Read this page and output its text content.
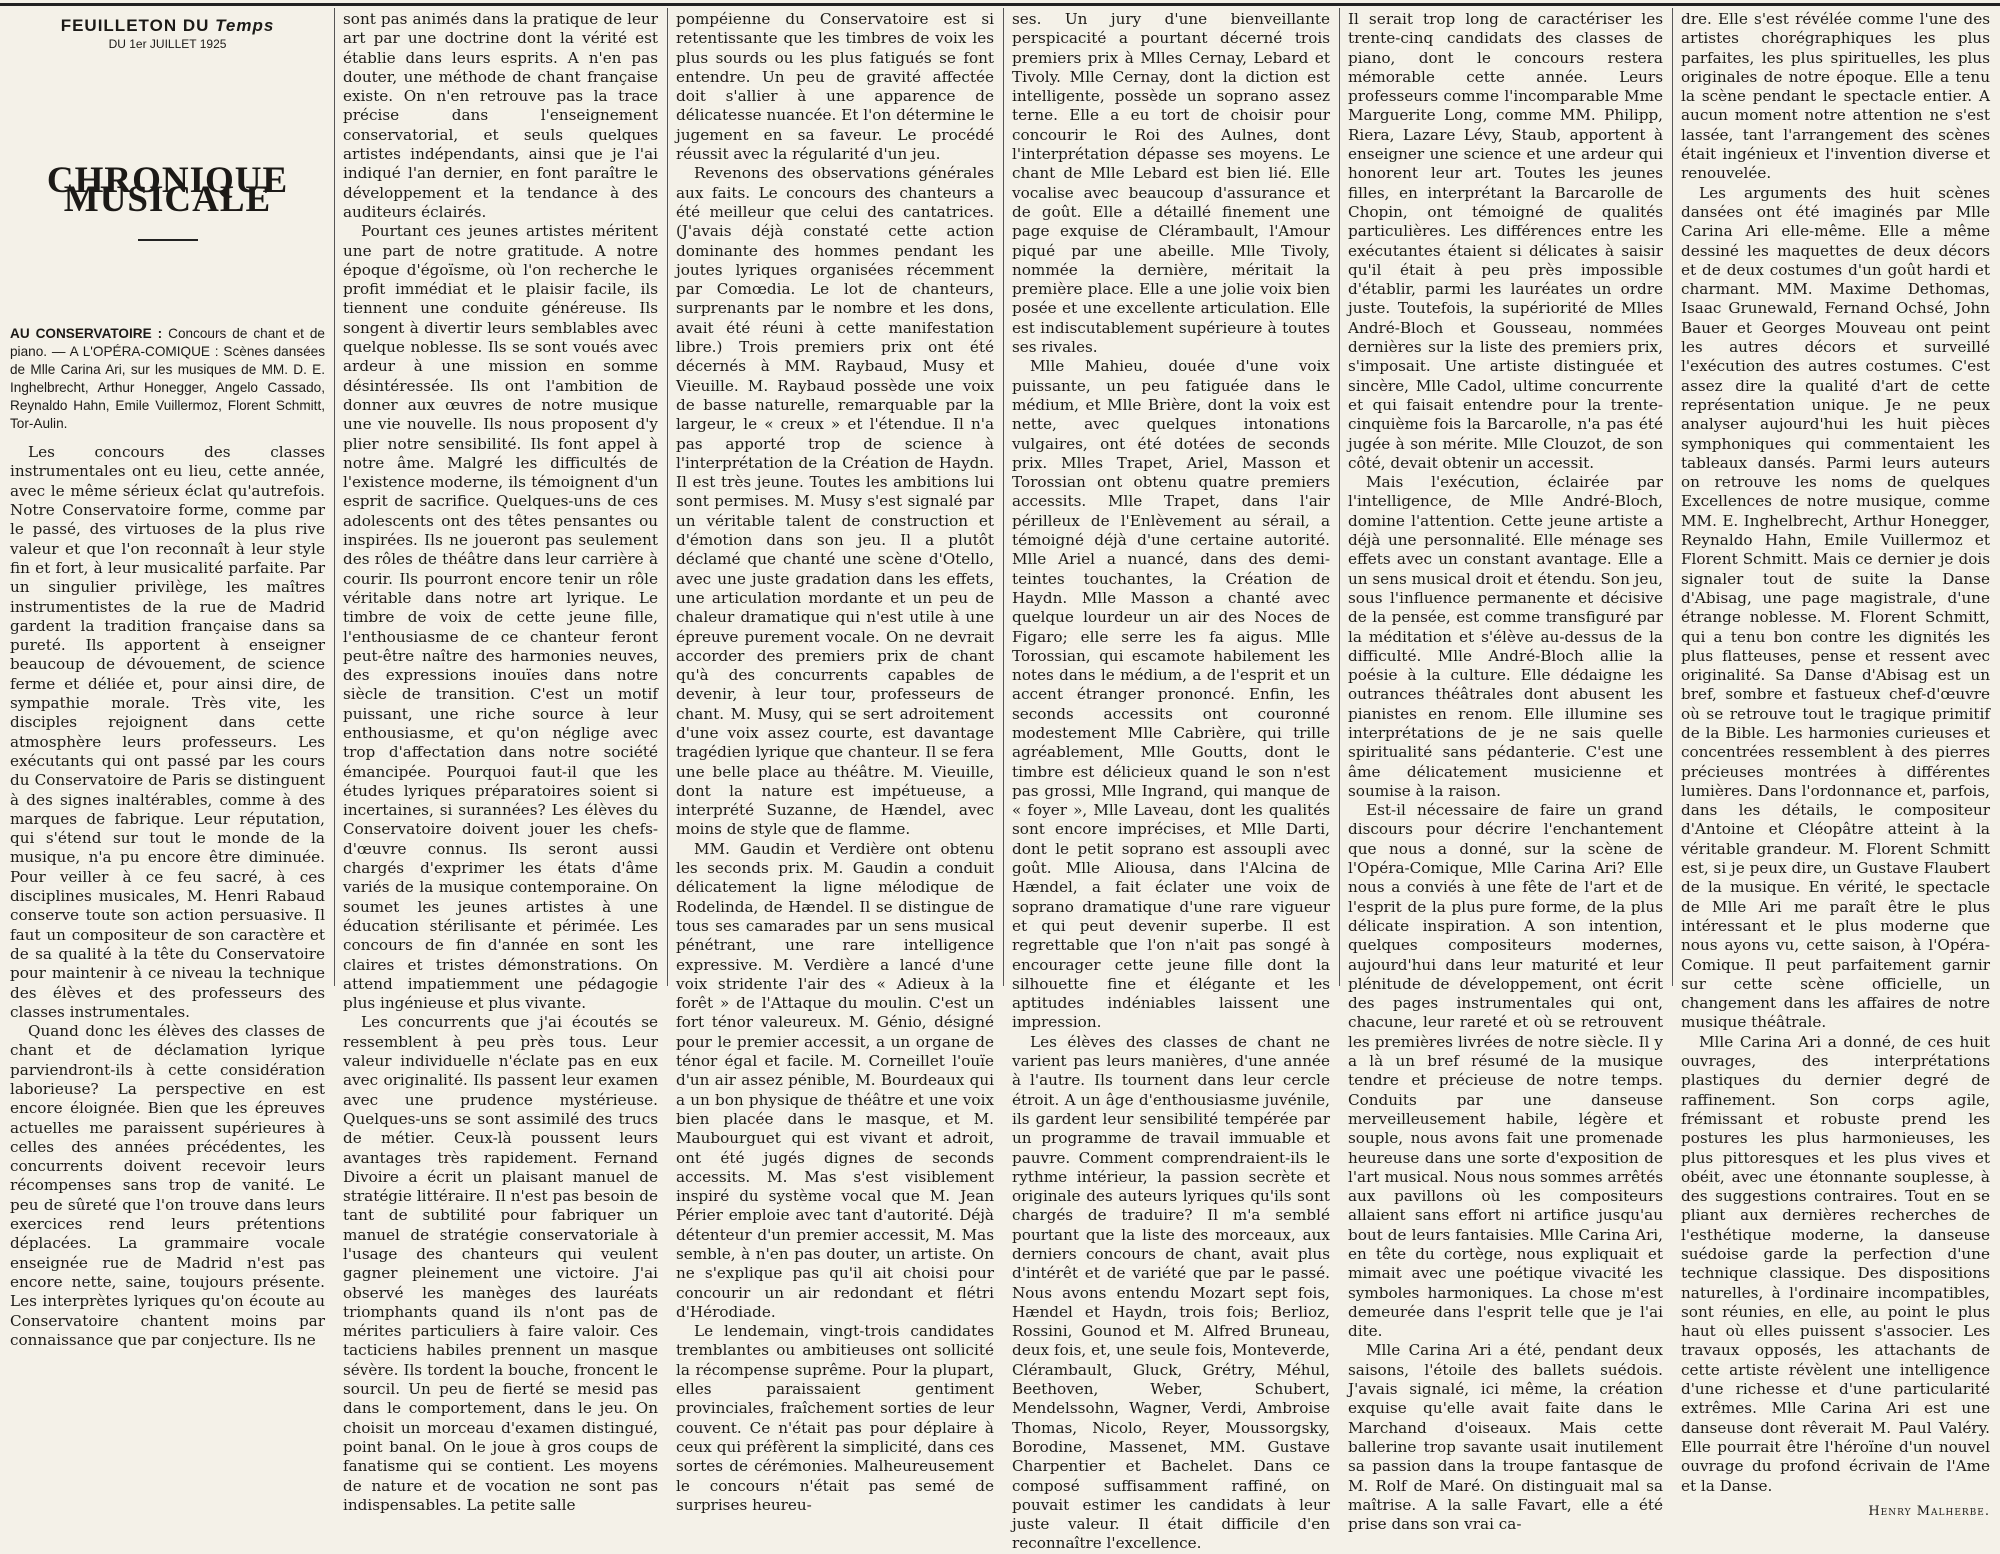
FEUILLETON DU Temps
DU 1er JUILLET 1925
CHRONIQUE MUSICALE
AU CONSERVATOIRE : Concours de chant et de piano. — A L'OPÉRA-COMIQUE : Scènes dansées de Mlle Carina Ari, sur les musiques de MM. D. E. Inghelbrecht, Arthur Honegger, Angelo Cassado, Reynaldo Hahn, Emile Vuillermoz, Florent Schmitt, Tor-Aulin.

Les concours des classes instrumentales ont eu lieu, cette année, avec le même sérieux éclat qu'autrefois. Notre Conservatoire forme, comme par le passé, des virtuoses de la plus rive valeur et que l'on reconnaît à leur style fin et fort, à leur musicalité parfaite. Par un singulier privilège, les maîtres instrumentistes de la rue de Madrid gardent la tradition française dans sa pureté. Ils apportent à enseigner beaucoup de dévouement, de science ferme et déliée et, pour ainsi dire, de sympathie morale. Très vite, les disciples rejoignent dans cette atmosphère leurs professeurs. Les exécutants qui ont passé par les cours du Conservatoire de Paris se distinguent à des signes inaltérables, comme à des marques de fabrique. Leur réputation, qui s'étend sur tout le monde de la musique, n'a pu encore être diminuée. Pour veiller à ce feu sacré, à ces disciplines musicales, M. Henri Rabaud conserve toute son action persuasive. Il faut un compositeur de son caractère et de sa qualité à la tête du Conservatoire pour maintenir à ce niveau la technique des élèves et des professeurs des classes instrumentales.

Quand donc les élèves des classes de chant et de déclamation lyrique parviendront-ils à cette considération laborieuse? La perspective en est encore éloignée. Bien que les épreuves actuelles me paraissent supérieures à celles des années précédentes, les concurrents doivent recevoir leurs récompenses sans trop de vanité. Le peu de sûreté que l'on trouve dans leurs exercices rend leurs prétentions déplacées. La grammaire vocale enseignée rue de Madrid n'est pas encore nette, saine, toujours présente. Les interprètes lyriques qu'on écoute au Conservatoire chantent moins par connaissance que par conjecture. Ils ne

sont pas animés dans la pratique de leur art par une doctrine dont la vérité est établie dans leurs esprits. A n'en pas douter, une méthode de chant française existe. On n'en retrouve pas la trace précise dans l'enseignement conservatorial, et seuls quelques artistes indépendants, ainsi que je l'ai indiqué l'an dernier, en font paraître le développement et la tendance à des auditeurs éclairés.

Pourtant ces jeunes artistes méritent une part de notre gratitude. A notre époque d'égoïsme, où l'on recherche le profit immédiat et le plaisir facile, ils tiennent une conduite généreuse. Ils songent à divertir leurs semblables avec quelque noblesse. Ils se sont voués avec ardeur à une mission en somme désintéressée. Ils ont l'ambition de donner aux œuvres de notre musique une vie nouvelle. Ils nous proposent d'y plier notre sensibilité. Ils font appel à notre âme. Malgré les difficultés de l'existence moderne, ils témoignent d'un esprit de sacrifice. Quelques-uns de ces adolescents ont des têtes pensantes ou inspirées. Ils ne joueront pas seulement des rôles de théâtre dans leur carrière à courir. Ils pourront encore tenir un rôle véritable dans notre art lyrique. Le timbre de voix de cette jeune fille, l'enthousiasme de ce chanteur feront peut-être naître des harmonies neuves, des expressions inouïes dans notre siècle de transition. C'est un motif puissant, une riche source à leur enthousiasme, et qu'on néglige avec trop d'affectation dans notre société émancipée. Pourquoi faut-il que les études lyriques préparatoires soient si incertaines, si surannées? Les élèves du Conservatoire doivent jouer les chefs-d'œuvre connus. Ils seront aussi chargés d'exprimer les états d'âme variés de la musique contemporaine. On soumet les jeunes artistes à une éducation stérilisante et périmée. Les concours de fin d'année en sont les claires et tristes démonstrations. On attend impatiemment une pédagogie plus ingénieuse et plus vivante.

Les concurrents que j'ai écoutés se ressemblent à peu près tous. Leur valeur individuelle n'éclate pas en eux avec originalité. Ils passent leur examen avec une prudence mystérieuse. Quelques-uns se sont assimilé des trucs de métier. Ceux-là poussent leurs avantages très rapidement. Fernand Divoire a écrit un plaisant manuel de stratégie littéraire. Il n'est pas besoin de tant de subtilité pour fabriquer un manuel de stratégie conservatoriale à l'usage des chanteurs qui veulent gagner pleinement une victoire. J'ai observé les manèges des lauréats triomphants quand ils n'ont pas de mérites particuliers à faire valoir. Ces tacticiens habiles prennent un masque sévère. Ils tordent la bouche, froncent le sourcil. Un peu de fierté se mesid pas dans le comportement, dans le jeu. On choisit un morceau d'examen distingué, point banal. On le joue à gros coups de fanatisme qui se contient. Les moyens de nature et de vocation ne sont pas indispensables. La petite salle

pompéienne du Conservatoire est si retentissante que les timbres de voix les plus sourds ou les plus fatigués se font entendre. Un peu de gravité affectée doit s'allier à une apparence de délicatesse nuancée. Et l'on détermine le jugement en sa faveur. Le procédé réussit avec la régularité d'un jeu.

Revenons des observations générales aux faits. Le concours des chanteurs a été meilleur que celui des cantatrices. (J'avais déjà constaté cette action dominante des hommes pendant les joutes lyriques organisées récemment par Comœdia. Le lot de chanteurs, surprenants par le nombre et les dons, avait été réuni à cette manifestation libre.) Trois premiers prix ont été décernés à MM. Raybaud, Musy et Vieuille. M. Raybaud possède une voix de basse naturelle, remarquable par la largeur, le « creux » et l'étendue. Il n'a pas apporté trop de science à l'interprétation de la Création de Haydn. Il est très jeune. Toutes les ambitions lui sont permises. M. Musy s'est signalé par un véritable talent de construction et d'émotion dans son jeu. Il a plutôt déclamé que chanté une scène d'Otello, avec une juste gradation dans les effets, une articulation mordante et un peu de chaleur dramatique qui n'est utile à une épreuve purement vocale. On ne devrait accorder des premiers prix de chant qu'à des concurrents capables de devenir, à leur tour, professeurs de chant. M. Musy, qui se sert adroitement d'une voix assez courte, est davantage tragédien lyrique que chanteur. Il se fera une belle place au théâtre. M. Vieuille, dont la nature est impétueuse, a interprété Suzanne, de Hændel, avec moins de style que de flamme.

MM. Gaudin et Verdière ont obtenu les seconds prix. M. Gaudin a conduit délicatement la ligne mélodique de Rodelinda, de Hændel. Il se distingue de tous ses camarades par un sens musical pénétrant, une rare intelligence expressive. M. Verdière a lancé d'une voix stridente l'air des « Adieux à la forêt » de l'Attaque du moulin. C'est un fort ténor valeureux. M. Génio, désigné pour le premier accessit, a un organe de ténor égal et facile. M. Corneillet l'ouïe d'un air assez pénible, M. Bourdeaux qui a un bon physique de théâtre et une voix bien placée dans le masque, et M. Maubourguet qui est vivant et adroit, ont été jugés dignes de seconds accessits. M. Mas s'est visiblement inspiré du système vocal que M. Jean Périer emploie avec tant d'autorité. Déjà détenteur d'un premier accessit, M. Mas semble, à n'en pas douter, un artiste. On ne s'explique pas qu'il ait choisi pour concourir un air redondant et flétri d'Hérodiade.

Le lendemain, vingt-trois candidates tremblantes ou ambitieuses ont sollicité la récompense suprême. Pour la plupart, elles paraissaient gentiment provinciales, fraîchement sorties de leur couvent. Ce n'était pas pour déplaire à ceux qui préfèrent la simplicité, dans ces sortes de cérémonies. Malheureusement le concours n'était pas semé de surprises heureu-

ses. Un jury d'une bienveillante perspicacité a pourtant décerné trois premiers prix à Mlles Cernay, Lebard et Tivoly. Mlle Cernay, dont la diction est intelligente, possède un soprano assez terne. Elle a eu tort de choisir pour concourir le Roi des Aulnes, dont l'interprétation dépasse ses moyens. Le chant de Mlle Lebard est bien lié. Elle vocalise avec beaucoup d'assurance et de goût. Elle a détaillé finement une page exquise de Clérambault, l'Amour piqué par une abeille. Mlle Tivoly, nommée la dernière, méritait la première place. Elle a une jolie voix bien posée et une excellente articulation. Elle est indiscutablement supérieure à toutes ses rivales.

Mlle Mahieu, douée d'une voix puissante, un peu fatiguée dans le médium, et Mlle Brière, dont la voix est nette, avec quelques intonations vulgaires, ont été dotées de seconds prix. Mlles Trapet, Ariel, Masson et Torossian ont obtenu quatre premiers accessits. Mlle Trapet, dans l'air périlleux de l'Enlèvement au sérail, a témoigné déjà d'une certaine autorité. Mlle Ariel a nuancé, dans des demi-teintes touchantes, la Création de Haydn. Mlle Masson a chanté avec quelque lourdeur un air des Noces de Figaro; elle serre les fa aigus. Mlle Torossian, qui escamote habilement les notes dans le médium, a de l'esprit et un accent étranger prononcé. Enfin, les seconds accessits ont couronné modestement Mlle Cabrière, qui trille agréablement, Mlle Goutts, dont le timbre est délicieux quand le son n'est pas grossi, Mlle Ingrand, qui manque de « foyer », Mlle Laveau, dont les qualités sont encore imprécises, et Mlle Darti, dont le petit soprano est assoupli avec goût. Mlle Aliousa, dans l'Alcina de Hændel, a fait éclater une voix de soprano dramatique d'une rare vigueur et qui peut devenir superbe. Il est regrettable que l'on n'ait pas songé à encourager cette jeune fille dont la silhouette fine et élégante et les aptitudes indéniables laissent une impression.

Les élèves des classes de chant ne varient pas leurs manières, d'une année à l'autre. Ils tournent dans leur cercle étroit. A un âge d'enthousiasme juvénile, ils gardent leur sensibilité tempérée par un programme de travail immuable et pauvre. Comment comprendraient-ils le rythme intérieur, la passion secrète et originale des auteurs lyriques qu'ils sont chargés de traduire? Il m'a semblé pourtant que la liste des morceaux, aux derniers concours de chant, avait plus d'intérêt et de variété que par le passé. Nous avons entendu Mozart sept fois, Hændel et Haydn, trois fois; Berlioz, Rossini, Gounod et M. Alfred Bruneau, deux fois, et, une seule fois, Monteverde, Clérambault, Gluck, Grétry, Méhul, Beethoven, Weber, Schubert, Mendelssohn, Wagner, Verdi, Ambroise Thomas, Nicolo, Reyer, Moussorgsky, Borodine, Massenet, MM. Gustave Charpentier et Bachelet. Dans ce composé suffisamment raffiné, on pouvait estimer les candidats à leur juste valeur. Il était difficile d'en reconnaître l'excellence.

Il serait trop long de caractériser les trente-cinq candidats des classes de piano, dont le concours restera mémorable cette année. Leurs professeurs comme l'incomparable Mme Marguerite Long, comme MM. Philipp, Riera, Lazare Lévy, Staub, apportent à enseigner une science et une ardeur qui honorent leur art. Toutes les jeunes filles, en interprétant la Barcarolle de Chopin, ont témoigné de qualités particulières. Les différences entre les exécutantes étaient si délicates à saisir qu'il était à peu près impossible d'établir, parmi les lauréates un ordre juste. Toutefois, la supériorité de Mlles André-Bloch et Gousseau, nommées dernières sur la liste des premiers prix, s'imposait. Une artiste distinguée et sincère, Mlle Cadol, ultime concurrente et qui faisait entendre pour la trente-cinquième fois la Barcarolle, n'a pas été jugée à son mérite. Mlle Clouzot, de son côté, devait obtenir un accessit.

Mais l'exécution, éclairée par l'intelligence, de Mlle André-Bloch, domine l'attention. Cette jeune artiste a déjà une personnalité. Elle ménage ses effets avec un constant avantage. Elle a un sens musical droit et étendu. Son jeu, sous l'influence permanente et décisive de la pensée, est comme transfiguré par la méditation et s'élève au-dessus de la difficulté. Mlle André-Bloch allie la poésie à la culture. Elle dédaigne les outrances théâtrales dont abusent les pianistes en renom. Elle illumine ses interprétations de je ne sais quelle spiritualité sans pédanterie. C'est une âme délicatement musicienne et soumise à la raison.

Est-il nécessaire de faire un grand discours pour décrire l'enchantement que nous a donné, sur la scène de l'Opéra-Comique, Mlle Carina Ari? Elle nous a conviés à une fête de l'art et de l'esprit de la plus pure forme, de la plus délicate inspiration. A son intention, quelques compositeurs modernes, aujourd'hui dans leur maturité et leur plénitude de développement, ont écrit des pages instrumentales qui ont, chacune, leur rareté et où se retrouvent les premières livrées de notre siècle. Il y a là un bref résumé de la musique tendre et précieuse de notre temps. Conduits par une danseuse merveilleusement habile, légère et souple, nous avons fait une promenade heureuse dans une sorte d'exposition de l'art musical. Nous nous sommes arrêtés aux pavillons où les compositeurs allaient sans effort ni artifice jusqu'au bout de leurs fantaisies. Mlle Carina Ari, en tête du cortège, nous expliquait et mimait avec une poétique vivacité les symboles harmoniques. La chose m'est demeurée dans l'esprit telle que je l'ai dite.

Mlle Carina Ari a été, pendant deux saisons, l'étoile des ballets suédois. J'avais signalé, ici même, la création exquise qu'elle avait faite dans le Marchand d'oiseaux. Mais cette ballerine trop savante usait inutilement sa passion dans la troupe fantasque de M. Rolf de Maré. On distinguait mal sa maîtrise. A la salle Favart, elle a été prise dans son vrai ca-

dre. Elle s'est révélée comme l'une des artistes chorégraphiques les plus parfaites, les plus spirituelles, les plus originales de notre époque. Elle a tenu la scène pendant le spectacle entier. A aucun moment notre attention ne s'est lassée, tant l'arrangement des scènes était ingénieux et l'invention diverse et renouvelée.

Les arguments des huit scènes dansées ont été imaginés par Mlle Carina Ari elle-même. Elle a même dessiné les maquettes de deux décors et de deux costumes d'un goût hardi et charmant. MM. Maxime Dethomas, Isaac Grunewald, Fernand Ochsé, John Bauer et Georges Mouveau ont peint les autres décors et surveillé l'exécution des autres costumes. C'est assez dire la qualité d'art de cette représentation unique. Je ne peux analyser aujourd'hui les huit pièces symphoniques qui commentaient les tableaux dansés. Parmi leurs auteurs on retrouve les noms de quelques Excellences de notre musique, comme MM. E. Inghelbrecht, Arthur Honegger, Reynaldo Hahn, Emile Vuillermoz et Florent Schmitt. Mais ce dernier je dois signaler tout de suite la Danse d'Abisag, une page magistrale, d'une étrange noblesse. M. Florent Schmitt, qui a tenu bon contre les dignités les plus flatteuses, pense et ressent avec originalité. Sa Danse d'Abisag est un bref, sombre et fastueux chef-d'œuvre où se retrouve tout le tragique primitif de la Bible. Les harmonies curieuses et concentrées ressemblent à des pierres précieuses montrées à différentes lumières. Dans l'ordonnance et, parfois, dans les détails, le compositeur d'Antoine et Cléopâtre atteint à la véritable grandeur. M. Florent Schmitt est, si je peux dire, un Gustave Flaubert de la musique. En vérité, le spectacle de Mlle Ari me paraît être le plus intéressant et le plus moderne que nous ayons vu, cette saison, à l'Opéra-Comique. Il peut parfaitement garnir sur cette scène officielle, un changement dans les affaires de notre musique théâtrale.

Mlle Carina Ari a donné, de ces huit ouvrages, des interprétations plastiques du dernier degré de raffinement. Son corps agile, frémissant et robuste prend les postures les plus harmonieuses, les plus pittoresques et les plus vives et obéit, avec une étonnante souplesse, à des suggestions contraires. Tout en se pliant aux dernières recherches de l'esthétique moderne, la danseuse suédoise garde la perfection d'une technique classique. Des dispositions naturelles, à l'ordinaire incompatibles, sont réunies, en elle, au point le plus haut où elles puissent s'associer. Les travaux opposés, les attachants de cette artiste révèlent une intelligence d'une richesse et d'une particularité extrêmes. Mlle Carina Ari est une danseuse dont rêverait M. Paul Valéry. Elle pourrait être l'héroïne d'un nouvel ouvrage du profond écrivain de l'Ame et la Danse.

Henry Malherbe.
